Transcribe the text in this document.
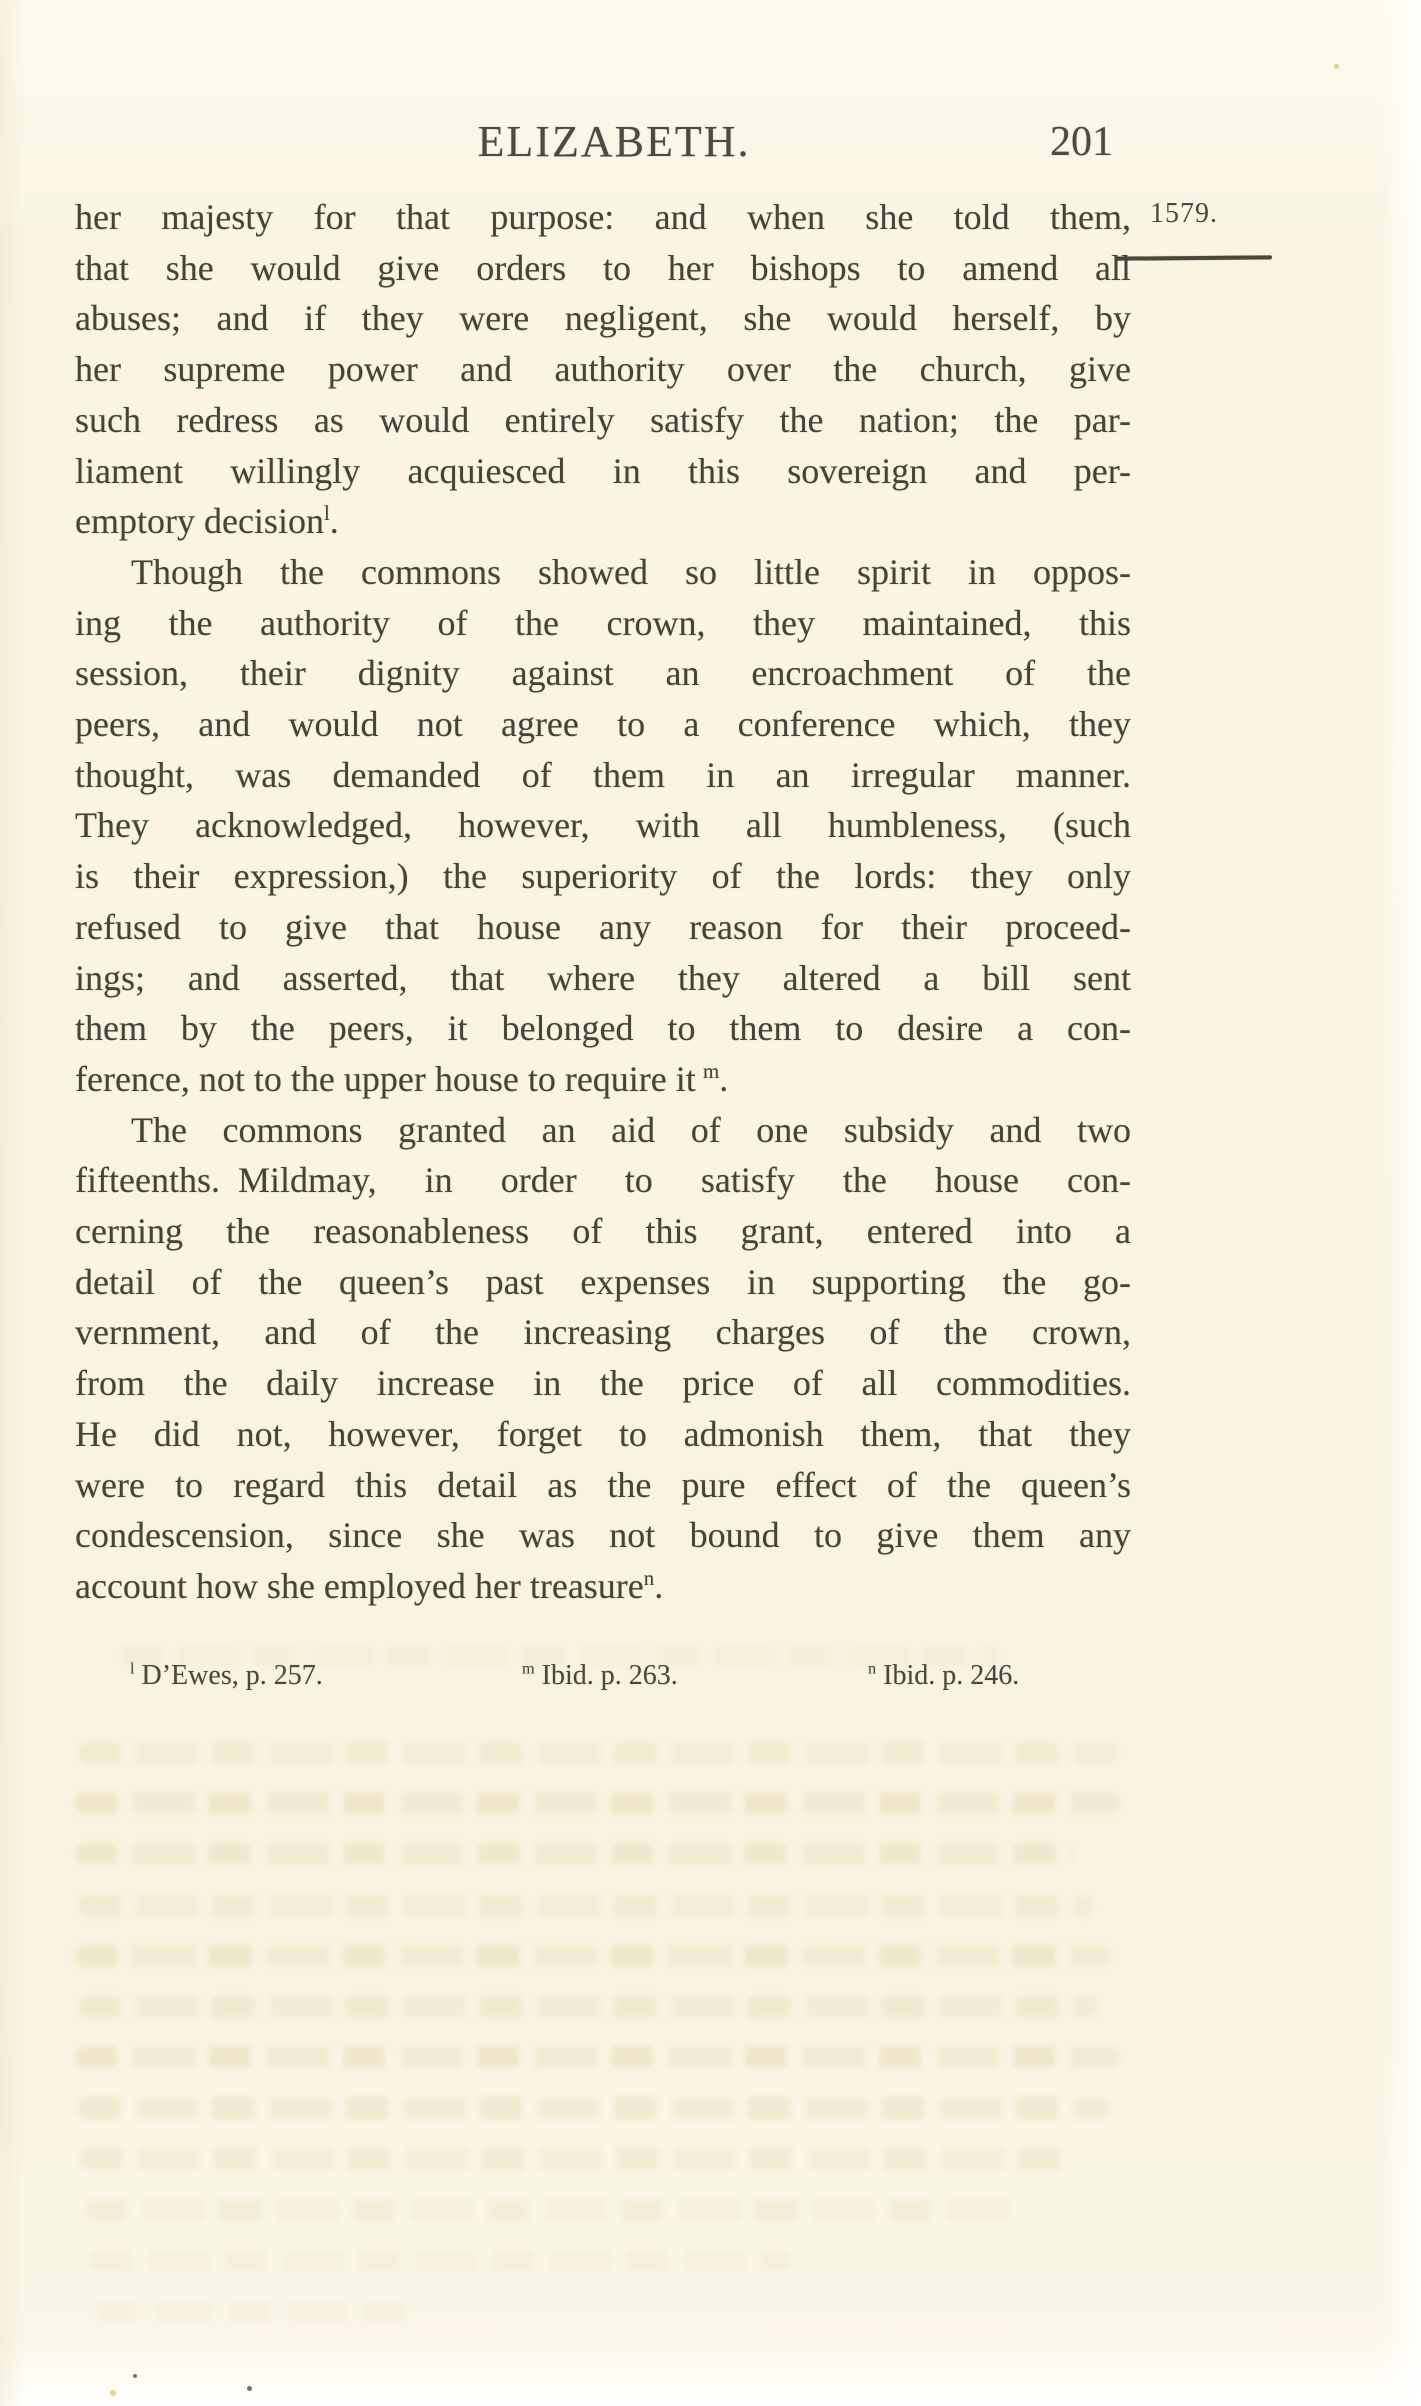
ELIZABETH.	201
1579.
her majesty for that purpose: and when she told them,
that she would give orders to her bishops to amend all
abuses; and if they were negligent, she would herself, by
her supreme power and authority over the church, give
such redress as would entirely satisfy the nation; the par-
liament willingly acquiesced in this sovereign and per-
emptory decision$^l$.
Though the commons showed so little spirit in oppos-
ing the authority of the crown, they maintained, this
session, their dignity against an encroachment of the
peers, and would not agree to a conference which, they
thought, was demanded of them in an irregular manner.
They acknowledged, however, with all humbleness, (such
is their expression,) the superiority of the lords: they only
refused to give that house any reason for their proceed-
ings; and asserted, that where they altered a bill sent
them by the peers, it belonged to them to desire a con-
ference, not to the upper house to require it $^m$.
The commons granted an aid of one subsidy and two
fifteenths. Mildmay, in order to satisfy the house con-
cerning the reasonableness of this grant, entered into a
detail of the queen’s past expenses in supporting the go-
vernment, and of the increasing charges of the crown,
from the daily increase in the price of all commodities.
He did not, however, forget to admonish them, that they
were to regard this detail as the pure effect of the queen’s
condescension, since she was not bound to give them any
account how she employed her treasure$^n$.
$^l$ D’Ewes, p. 257.	$^m$ Ibid. p. 263.	$^n$ Ibid. p. 246.
